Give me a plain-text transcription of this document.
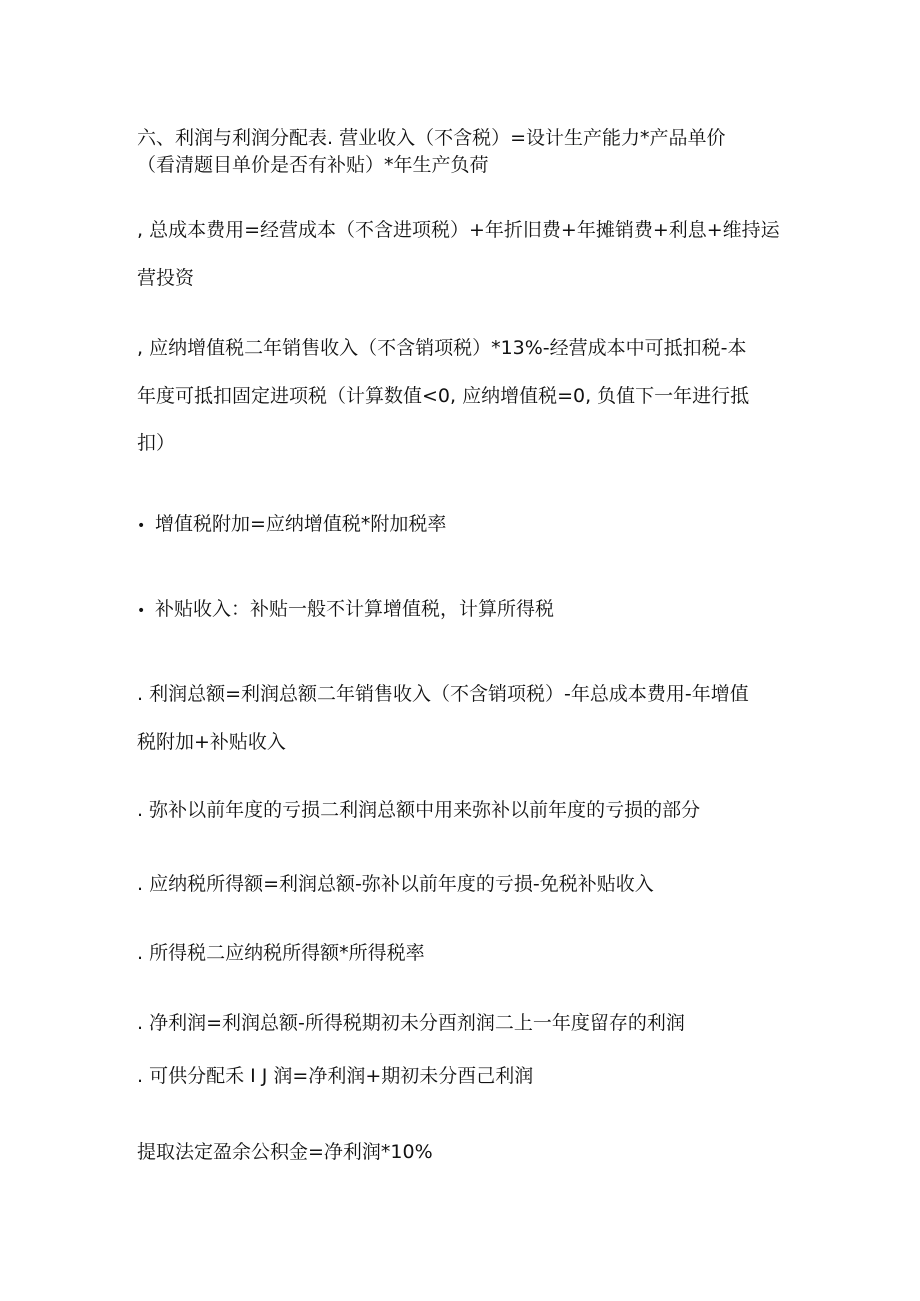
六、利润与利润分配表. 营业收入（不含税）=设计生产能力*产品单价
（看清题目单价是否有补贴）*年生产负荷
, 总成本费用=经营成本（不含进项税）+年折旧费+年摊销费+利息+维持运
营投资
, 应纳增值税二年销售收入（不含销项税）*13%-经营成本中可抵扣税-本
年度可抵扣固定进项税（计算数值<0, 应纳增值税=0, 负值下一年进行抵
扣）
• 增值税附加=应纳增值税*附加税率
• 补贴收入：补贴一般不计算增值税，计算所得税
. 利润总额=利润总额二年销售收入（不含销项税）-年总成本费用-年增值
税附加+补贴收入
. 弥补以前年度的亏损二利润总额中用来弥补以前年度的亏损的部分
. 应纳税所得额=利润总额-弥补以前年度的亏损-免税补贴收入
. 所得税二应纳税所得额*所得税率
. 净利润=利润总额-所得税期初未分酉剂润二上一年度留存的利润
. 可供分配禾 I J 润=净利润+期初未分酉己利润
提取法定盈余公积金=净利润*10%
